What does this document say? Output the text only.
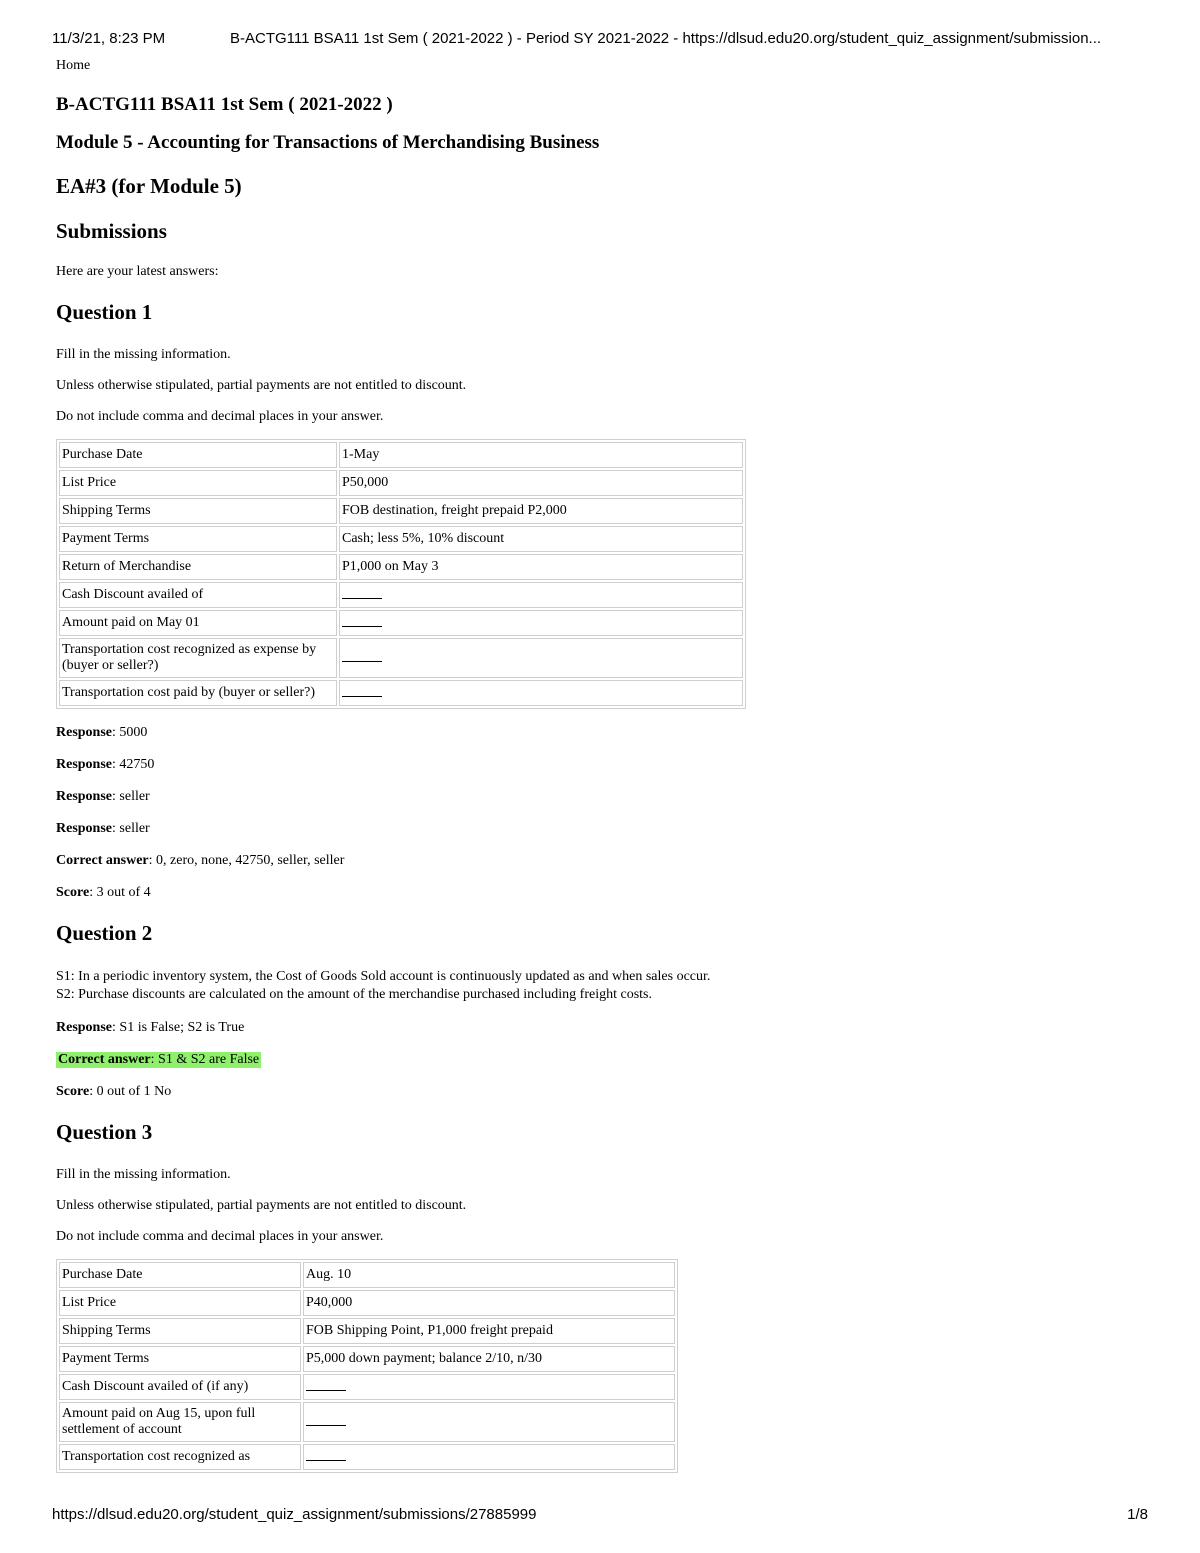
11/3/21, 8:23 PM	B-ACTG111 BSA11 1st Sem ( 2021-2022 ) - Period SY 2021-2022 - https://dlsud.edu20.org/student_quiz_assignment/submission...
Home
B-ACTG111 BSA11 1st Sem ( 2021-2022 )
Module 5 - Accounting for Transactions of Merchandising Business
EA#3 (for Module 5)
Submissions

Here are your latest answers:

Question 1

Fill in the missing information.

Unless otherwise stipulated, partial payments are not entitled to discount.

Do not include comma and decimal places in your answer.

Purchase Date	1-May
List Price	P50,000
Shipping Terms	FOB destination, freight prepaid P2,000
Payment Terms	Cash; less 5%, 10% discount
Return of Merchandise	P1,000 on May 3
Cash Discount availed of	
Amount paid on May 01	
Transportation cost recognized as expense by (buyer or seller?)	
Transportation cost paid by (buyer or seller?)	

Response: 5000

Response: 42750

Response: seller

Response: seller

Correct answer: 0, zero, none, 42750, seller, seller

Score: 3 out of 4

Question 2

S1: In a periodic inventory system, the Cost of Goods Sold account is continuously updated as and when sales occur.
S2: Purchase discounts are calculated on the amount of the merchandise purchased including freight costs.

Response: S1 is False; S2 is True

Correct answer: S1 & S2 are False

Score: 0 out of 1 No

Question 3

Fill in the missing information.

Unless otherwise stipulated, partial payments are not entitled to discount.

Do not include comma and decimal places in your answer.

Purchase Date	Aug. 10
List Price	P40,000
Shipping Terms	FOB Shipping Point, P1,000 freight prepaid
Payment Terms	P5,000 down payment; balance 2/10, n/30
Cash Discount availed of (if any)	
Amount paid on Aug 15, upon full settlement of account	
Transportation cost recognized as	
https://dlsud.edu20.org/student_quiz_assignment/submissions/27885999	1/8
